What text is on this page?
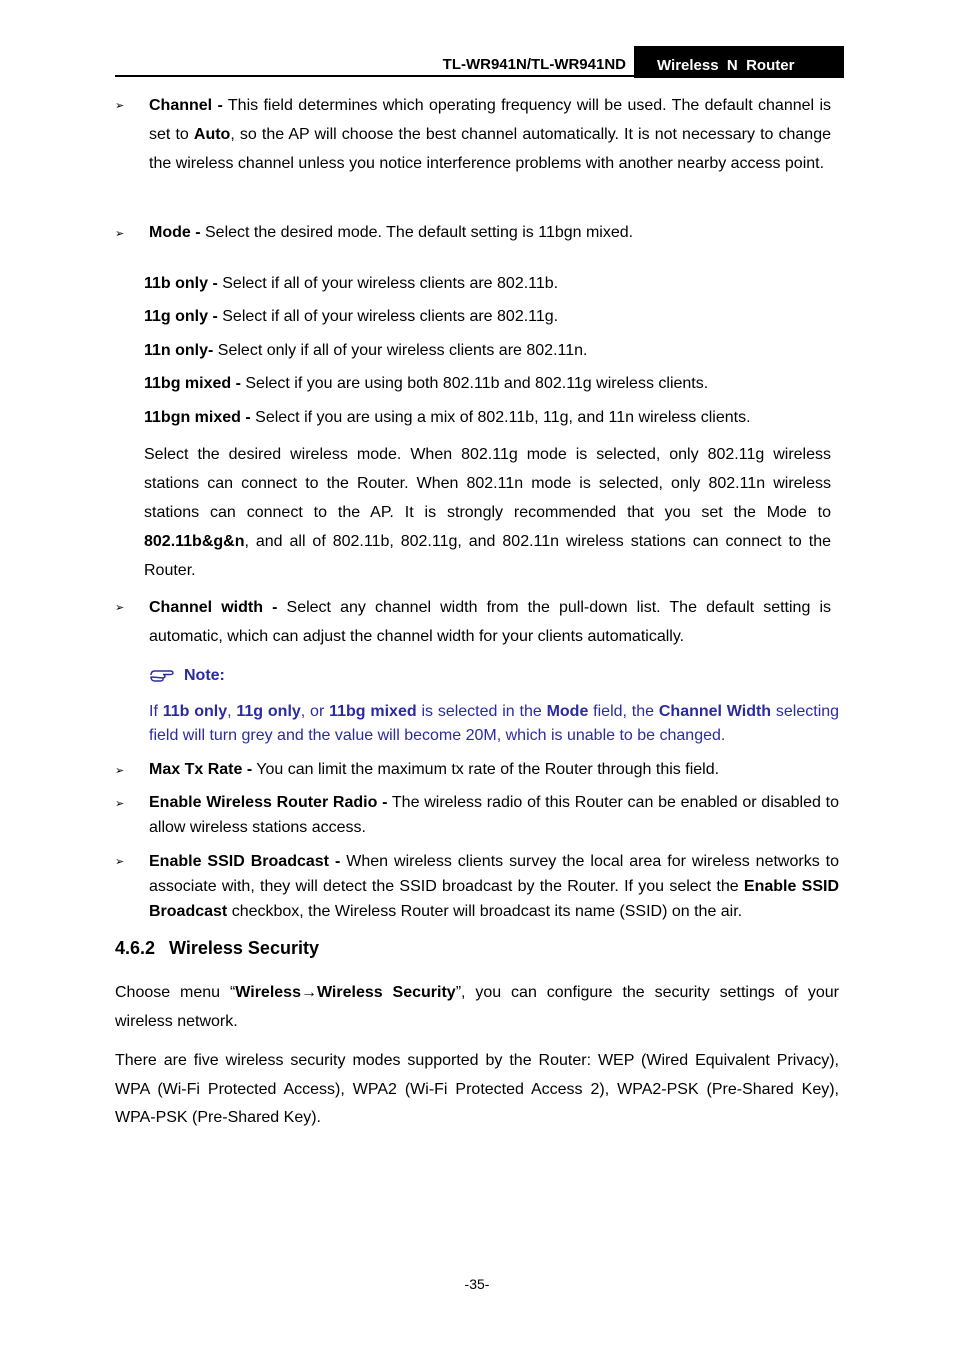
TL-WR941N/TL-WR941ND	Wireless  N  Router
➢ Channel - This field determines which operating frequency will be used. The default channel is set to Auto, so the AP will choose the best channel automatically. It is not necessary to change the wireless channel unless you notice interference problems with another nearby access point.
➢ Mode - Select the desired mode. The default setting is 11bgn mixed.
11b only - Select if all of your wireless clients are 802.11b.
11g only - Select if all of your wireless clients are 802.11g.
11n only- Select only if all of your wireless clients are 802.11n.
11bg mixed - Select if you are using both 802.11b and 802.11g wireless clients.
11bgn mixed - Select if you are using a mix of 802.11b, 11g, and 11n wireless clients.
Select the desired wireless mode. When 802.11g mode is selected, only 802.11g wireless stations can connect to the Router. When 802.11n mode is selected, only 802.11n wireless stations can connect to the AP. It is strongly recommended that you set the Mode to 802.11b&g&n, and all of 802.11b, 802.11g, and 802.11n wireless stations can connect to the Router.
➢ Channel width - Select any channel width from the pull-down list. The default setting is automatic, which can adjust the channel width for your clients automatically.
Note:
If 11b only, 11g only, or 11bg mixed is selected in the Mode field, the Channel Width selecting field will turn grey and the value will become 20M, which is unable to be changed.
➢ Max Tx Rate - You can limit the maximum tx rate of the Router through this field.
➢ Enable Wireless Router Radio - The wireless radio of this Router can be enabled or disabled to allow wireless stations access.
➢ Enable SSID Broadcast - When wireless clients survey the local area for wireless networks to associate with, they will detect the SSID broadcast by the Router. If you select the Enable SSID Broadcast checkbox, the Wireless Router will broadcast its name (SSID) on the air.
4.6.2 Wireless Security
Choose menu “Wireless→Wireless Security”, you can configure the security settings of your wireless network.
There are five wireless security modes supported by the Router: WEP (Wired Equivalent Privacy), WPA (Wi-Fi Protected Access), WPA2 (Wi-Fi Protected Access 2), WPA2-PSK (Pre-Shared Key), WPA-PSK (Pre-Shared Key).
-35-
